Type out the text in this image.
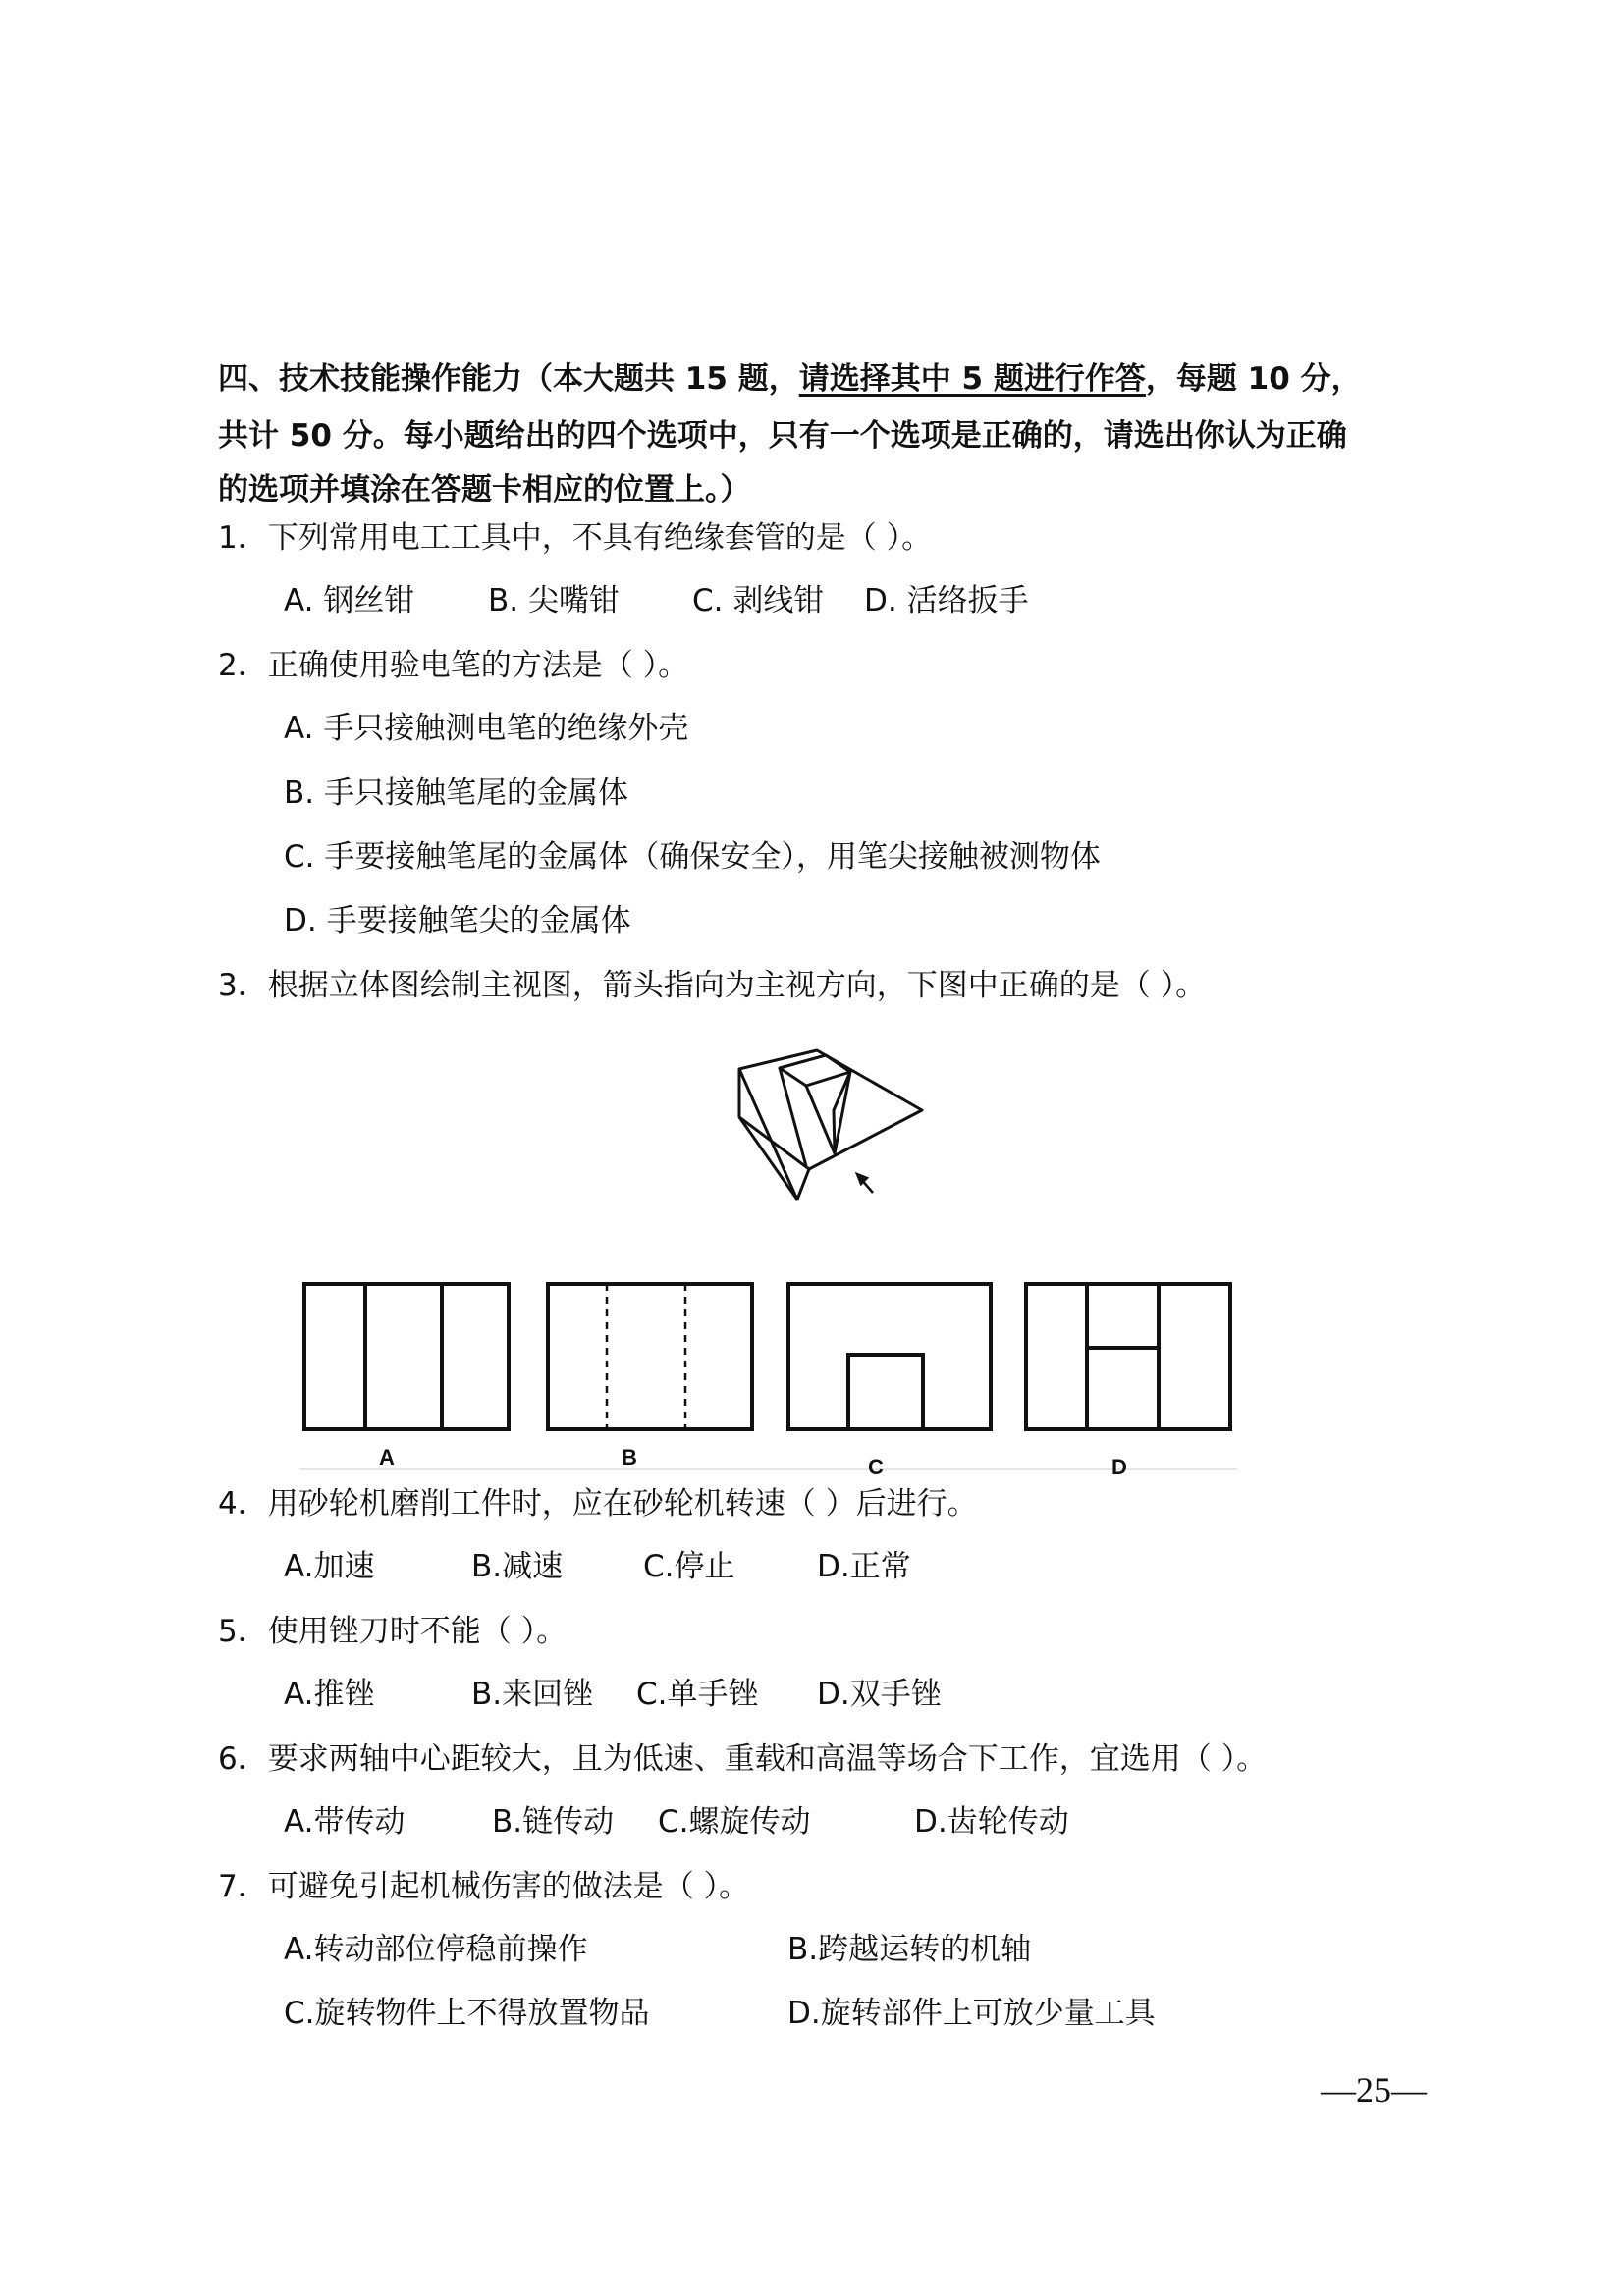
四、技术技能操作能力（本大题共 15 题，请选择其中 5 题进行作答，每题 10 分，
共计 50 分。每小题给出的四个选项中，只有一个选项是正确的，请选出你认为正确
的选项并填涂在答题卡相应的位置上。）
1．下列常用电工工具中，不具有绝缘套管的是（ ）。
A. 钢丝钳 B. 尖嘴钳 C. 剥线钳 D. 活络扳手
2．正确使用验电笔的方法是（ ）。
A. 手只接触测电笔的绝缘外壳
B. 手只接触笔尾的金属体
C. 手要接触笔尾的金属体（确保安全），用笔尖接触被测物体
D. 手要接触笔尖的金属体
3．根据立体图绘制主视图，箭头指向为主视方向，下图中正确的是（ ）。
A	B	C	D
4．用砂轮机磨削工件时，应在砂轮机转速（ ）后进行。
A.加速	B.减速	C.停止	D.正常
5．使用锉刀时不能（ ）。
A.推锉	B.来回锉 C.单手锉 D.双手锉
6．要求两轴中心距较大，且为低速、重载和高温等场合下工作，宜选用（ ）。
A.带传动	B.链传动 C.螺旋传动	D.齿轮传动
7．可避免引起机械伤害的做法是（ ）。
A.转动部位停稳前操作	B.跨越运转的机轴
C.旋转物件上不得放置物品	D.旋转部件上可放少量工具
—25—
